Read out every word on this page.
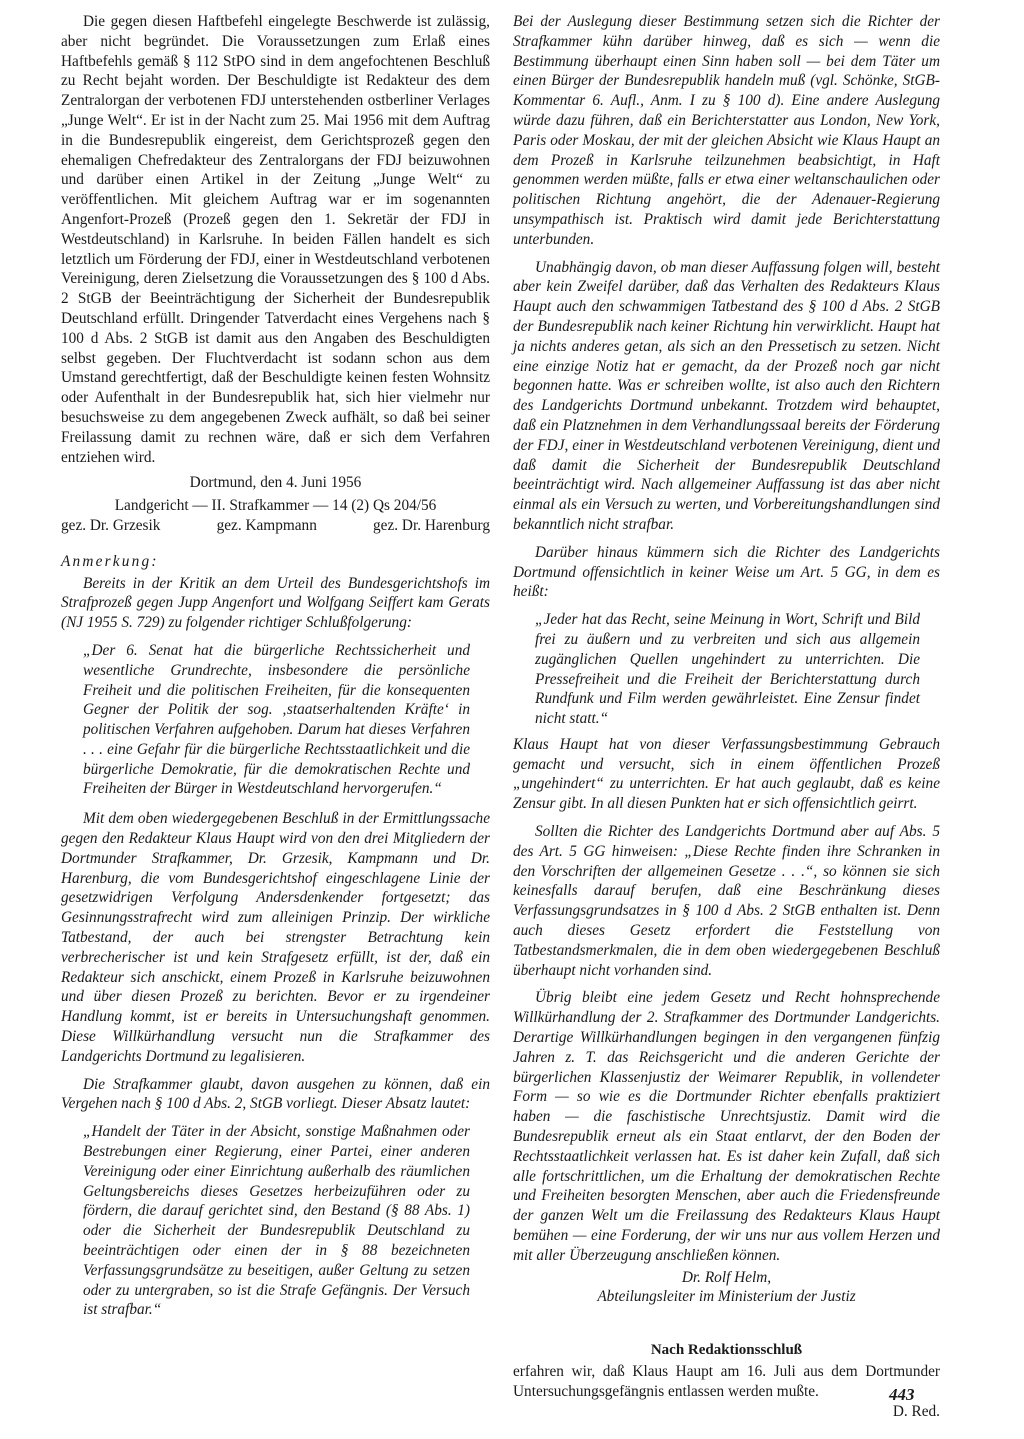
Die gegen diesen Haftbefehl eingelegte Beschwerde ist zulässig, aber nicht begründet. Die Voraussetzungen zum Erlaß eines Haftbefehls gemäß § 112 StPO sind in dem angefochtenen Beschluß zu Recht bejaht worden. Der Beschuldigte ist Redakteur des dem Zentralorgan der verbotenen FDJ unterstehenden ostberliner Verlages „Junge Welt“. Er ist in der Nacht zum 25. Mai 1956 mit dem Auftrag in die Bundesrepublik eingereist, dem Gerichtsprozeß gegen den ehemaligen Chefredakteur des Zentralorgans der FDJ beizuwohnen und darüber einen Artikel in der Zeitung „Junge Welt“ zu veröffentlichen. Mit gleichem Auftrag war er im sogenannten Angenfort-Prozeß (Prozeß gegen den 1. Sekretär der FDJ in Westdeutschland) in Karlsruhe. In beiden Fällen handelt es sich letztlich um Förderung der FDJ, einer in Westdeutschland verbotenen Vereinigung, deren Zielsetzung die Voraussetzungen des § 100 d Abs. 2 StGB der Beeinträchtigung der Sicherheit der Bundesrepublik Deutschland erfüllt. Dringender Tatverdacht eines Vergehens nach § 100 d Abs. 2 StGB ist damit aus den Angaben des Beschuldigten selbst gegeben. Der Fluchtverdacht ist sodann schon aus dem Umstand gerechtfertigt, daß der Beschuldigte keinen festen Wohnsitz oder Aufenthalt in der Bundesrepublik hat, sich hier vielmehr nur besuchsweise zu dem angegebenen Zweck aufhält, so daß bei seiner Freilassung damit zu rechnen wäre, daß er sich dem Verfahren entziehen wird.

Dortmund, den 4. Juni 1956

Landgericht — II. Strafkammer — 14 (2) Qs 204/56

gez. Dr. Grzesik	gez. Kampmann	gez. Dr. Harenburg

Anmerkung:

Bereits in der Kritik an dem Urteil des Bundesgerichtshofs im Strafprozeß gegen Jupp Angenfort und Wolfgang Seiffert kam Gerats (NJ 1955 S. 729) zu folgender richtiger Schlußfolgerung:

„Der 6. Senat hat die bürgerliche Rechtssicherheit und wesentliche Grundrechte, insbesondere die persönliche Freiheit und die politischen Freiheiten, für die konsequenten Gegner der Politik der sog. ‚staatserhaltenden Kräfte‘ in politischen Verfahren aufgehoben. Darum hat dieses Verfahren . . . eine Gefahr für die bürgerliche Rechtsstaatlichkeit und die bürgerliche Demokratie, für die demokratischen Rechte und Freiheiten der Bürger in Westdeutschland hervorgerufen.“

Mit dem oben wiedergegebenen Beschluß in der Ermittlungssache gegen den Redakteur Klaus Haupt wird von den drei Mitgliedern der Dortmunder Strafkammer, Dr. Grzesik, Kampmann und Dr. Harenburg, die vom Bundesgerichtshof eingeschlagene Linie der gesetzwidrigen Verfolgung Andersdenkender fortgesetzt; das Gesinnungsstrafrecht wird zum alleinigen Prinzip. Der wirkliche Tatbestand, der auch bei strengster Betrachtung kein verbrecherischer ist und kein Strafgesetz erfüllt, ist der, daß ein Redakteur sich anschickt, einem Prozeß in Karlsruhe beizuwohnen und über diesen Prozeß zu berichten. Bevor er zu irgendeiner Handlung kommt, ist er bereits in Untersuchungshaft genommen. Diese Willkürhandlung versucht nun die Strafkammer des Landgerichts Dortmund zu legalisieren.

Die Strafkammer glaubt, davon ausgehen zu können, daß ein Vergehen nach § 100 d Abs. 2, StGB vorliegt. Dieser Absatz lautet:

„Handelt der Täter in der Absicht, sonstige Maßnahmen oder Bestrebungen einer Regierung, einer Partei, einer anderen Vereinigung oder einer Einrichtung außerhalb des räumlichen Geltungsbereichs dieses Gesetzes herbeizuführen oder zu fördern, die darauf gerichtet sind, den Bestand (§ 88 Abs. 1) oder die Sicherheit der Bundesrepublik Deutschland zu beeinträchtigen oder einen der in § 88 bezeichneten Verfassungsgrundsätze zu beseitigen, außer Geltung zu setzen oder zu untergraben, so ist die Strafe Gefängnis. Der Versuch ist strafbar.“

Bei der Auslegung dieser Bestimmung setzen sich die Richter der Strafkammer kühn darüber hinweg, daß es sich — wenn die Bestimmung überhaupt einen Sinn haben soll — bei dem Täter um einen Bürger der Bundesrepublik handeln muß (vgl. Schönke, StGB-Kommentar 6. Aufl., Anm. I zu § 100 d). Eine andere Auslegung würde dazu führen, daß ein Berichterstatter aus London, New York, Paris oder Moskau, der mit der gleichen Absicht wie Klaus Haupt an dem Prozeß in Karlsruhe teilzunehmen beabsichtigt, in Haft genommen werden müßte, falls er etwa einer weltanschaulichen oder politischen Richtung angehört, die der Adenauer-Regierung unsympathisch ist. Praktisch wird damit jede Berichterstattung unterbunden.

Unabhängig davon, ob man dieser Auffassung folgen will, besteht aber kein Zweifel darüber, daß das Verhalten des Redakteurs Klaus Haupt auch den schwammigen Tatbestand des § 100 d Abs. 2 StGB der Bundesrepublik nach keiner Richtung hin verwirklicht. Haupt hat ja nichts anderes getan, als sich an den Pressetisch zu setzen. Nicht eine einzige Notiz hat er gemacht, da der Prozeß noch gar nicht begonnen hatte. Was er schreiben wollte, ist also auch den Richtern des Landgerichts Dortmund unbekannt. Trotzdem wird behauptet, daß ein Platznehmen in dem Verhandlungssaal bereits der Förderung der FDJ, einer in Westdeutschland verbotenen Vereinigung, dient und daß damit die Sicherheit der Bundesrepublik Deutschland beeinträchtigt wird. Nach allgemeiner Auffassung ist das aber nicht einmal als ein Versuch zu werten, und Vorbereitungshandlungen sind bekanntlich nicht strafbar.

Darüber hinaus kümmern sich die Richter des Landgerichts Dortmund offensichtlich in keiner Weise um Art. 5 GG, in dem es heißt:

„Jeder hat das Recht, seine Meinung in Wort, Schrift und Bild frei zu äußern und zu verbreiten und sich aus allgemein zugänglichen Quellen ungehindert zu unterrichten. Die Pressefreiheit und die Freiheit der Berichterstattung durch Rundfunk und Film werden gewährleistet. Eine Zensur findet nicht statt.“

Klaus Haupt hat von dieser Verfassungsbestimmung Gebrauch gemacht und versucht, sich in einem öffentlichen Prozeß „ungehindert“ zu unterrichten. Er hat auch geglaubt, daß es keine Zensur gibt. In all diesen Punkten hat er sich offensichtlich geirrt.

Sollten die Richter des Landgerichts Dortmund aber auf Abs. 5 des Art. 5 GG hinweisen: „Diese Rechte finden ihre Schranken in den Vorschriften der allgemeinen Gesetze . . .“, so können sie sich keinesfalls darauf berufen, daß eine Beschränkung dieses Verfassungsgrundsatzes in § 100 d Abs. 2 StGB enthalten ist. Denn auch dieses Gesetz erfordert die Feststellung von Tatbestandsmerkmalen, die in dem oben wiedergegebenen Beschluß überhaupt nicht vorhanden sind.

Übrig bleibt eine jedem Gesetz und Recht hohnsprechende Willkürhandlung der 2. Strafkammer des Dortmunder Landgerichts. Derartige Willkürhandlungen begingen in den vergangenen fünfzig Jahren z. T. das Reichsgericht und die anderen Gerichte der bürgerlichen Klassenjustiz der Weimarer Republik, in vollendeter Form — so wie es die Dortmunder Richter ebenfalls praktiziert haben — die faschistische Unrechtsjustiz. Damit wird die Bundesrepublik erneut als ein Staat entlarvt, der den Boden der Rechtsstaatlichkeit verlassen hat. Es ist daher kein Zufall, daß sich alle fortschrittlichen, um die Erhaltung der demokratischen Rechte und Freiheiten besorgten Menschen, aber auch die Friedensfreunde der ganzen Welt um die Freilassung des Redakteurs Klaus Haupt bemühen — eine Forderung, der wir uns nur aus vollem Herzen und mit aller Überzeugung anschließen können.

Dr. Rolf Helm,

Abteilungsleiter im Ministerium der Justiz

Nach Redaktionsschluß

erfahren wir, daß Klaus Haupt am 16. Juli aus dem Dortmunder Untersuchungsgefängnis entlassen werden mußte.

D. Red.

443
